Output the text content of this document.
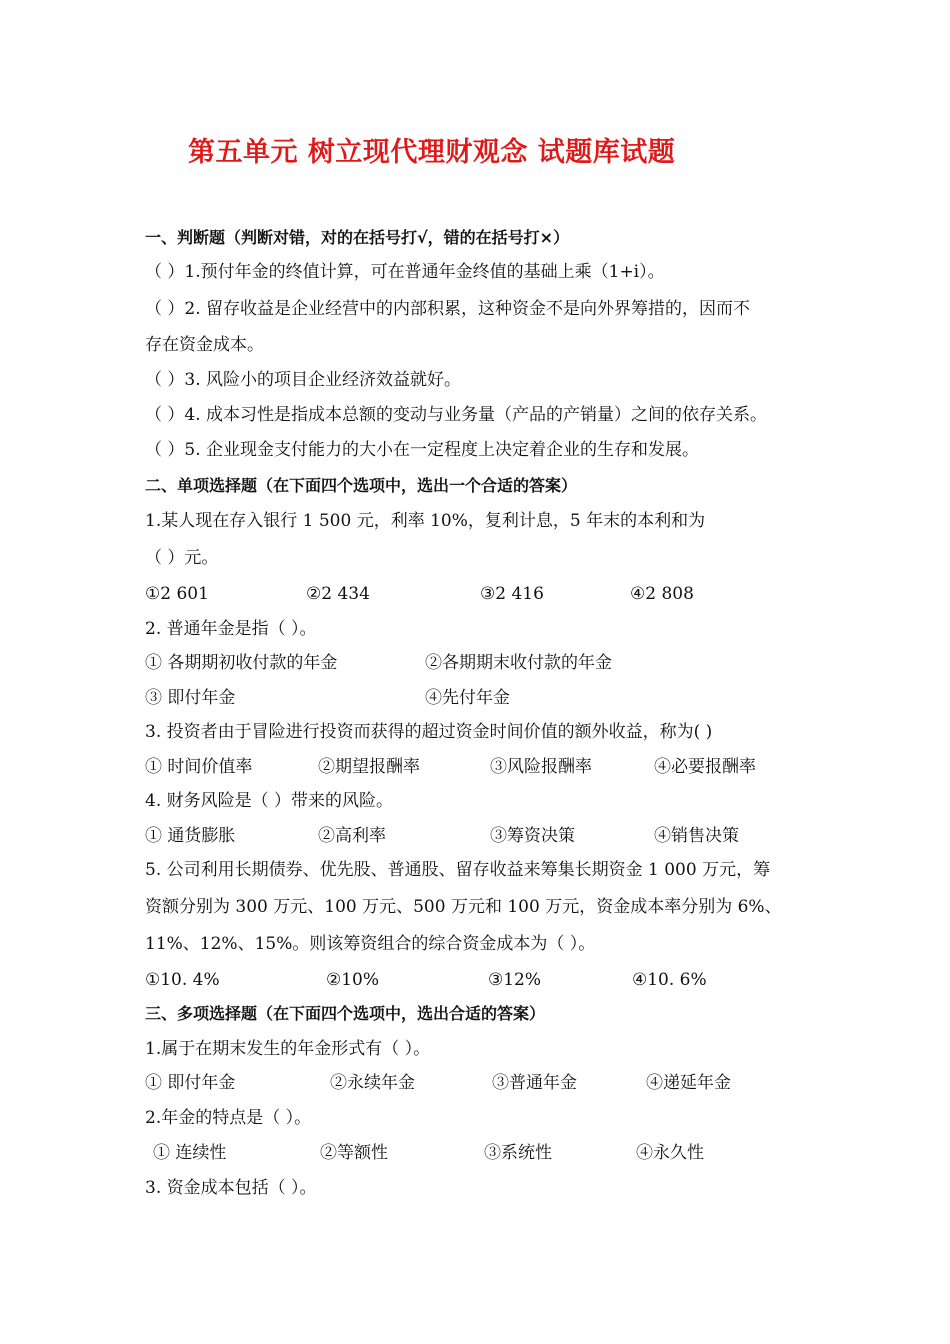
第五单元 树立现代理财观念 试题库试题
一、判断题（判断对错，对的在括号打√，错的在括号打×）
（ ）1.预付年金的终值计算，可在普通年金终值的基础上乘（1+i）。
（ ）2. 留存收益是企业经营中的内部积累，这种资金不是向外界筹措的，因而不
存在资金成本。
（ ）3. 风险小的项目企业经济效益就好。
（ ）4. 成本习性是指成本总额的变动与业务量（产品的产销量）之间的依存关系。
（ ）5. 企业现金支付能力的大小在一定程度上决定着企业的生存和发展。
二、单项选择题（在下面四个选项中，选出一个合适的答案）
1.某人现在存入银行 1 500 元，利率 10%，复利计息，5 年末的本利和为
（ ）元。
①2 601	②2 434	③2 416	④2 808
2. 普通年金是指（ ）。
① 各期期初收付款的年金	②各期期末收付款的年金
③ 即付年金	④先付年金
3. 投资者由于冒险进行投资而获得的超过资金时间价值的额外收益，称为( )
① 时间价值率	②期望报酬率	③风险报酬率	④必要报酬率
4. 财务风险是（ ）带来的风险。
① 通货膨胀	②高利率	③筹资决策	④销售决策
5. 公司利用长期债券、优先股、普通股、留存收益来筹集长期资金 1 000 万元，筹
资额分别为 300 万元、100 万元、500 万元和 100 万元，资金成本率分别为 6%、
11%、12%、15%。则该筹资组合的综合资金成本为（ ）。
①10. 4%	②10%	③12%	④10. 6%
三、多项选择题（在下面四个选项中，选出合适的答案）
1.属于在期末发生的年金形式有（ ）。
① 即付年金	②永续年金	③普通年金	④递延年金
2.年金的特点是（ ）。
① 连续性	②等额性	③系统性	④永久性
3. 资金成本包括（ ）。
